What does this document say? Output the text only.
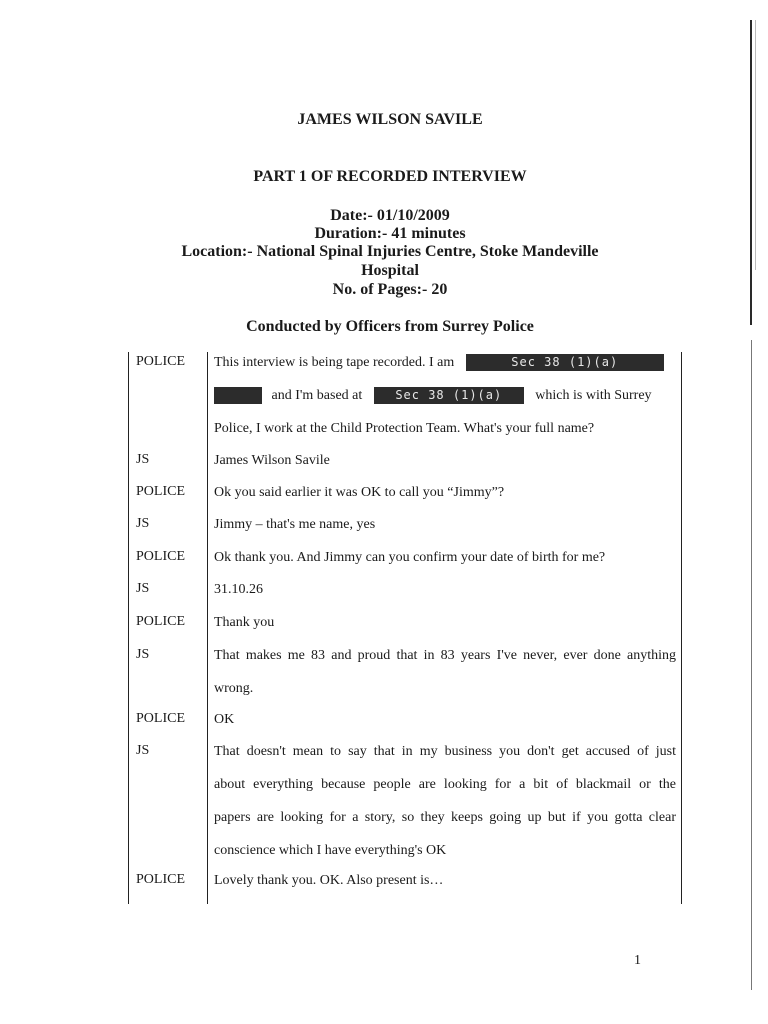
JAMES WILSON SAVILE
PART 1 OF RECORDED INTERVIEW
Date:- 01/10/2009
Duration:- 41 minutes
Location:- National Spinal Injuries Centre, Stoke Mandeville
Hospital
No. of Pages:- 20
Conducted by Officers from Surrey Police
POLICE This interview is being tape recorded. I am	Sec 38 (1)(a)
and I'm based at	Sec 38 (1)(a) which is with Surrey
Police, I work at the Child Protection Team. What's your full name?
JS	James Wilson Savile
POLICE Ok you said earlier it was OK to call you “Jimmy”?
JS	Jimmy – that's me name, yes
POLICE Ok thank you. And Jimmy can you confirm your date of birth for me?
JS	31.10.26
POLICE Thank you
JS	That makes me 83 and proud that in 83 years I've never, ever done anything
wrong.
POLICE OK
JS	That doesn't mean to say that in my business you don't get accused of just
about everything because people are looking for a bit of blackmail or the
papers are looking for a story, so they keeps going up but if you gotta clear
conscience which I have everything's OK
POLICE Lovely thank you. OK. Also present is…
1
